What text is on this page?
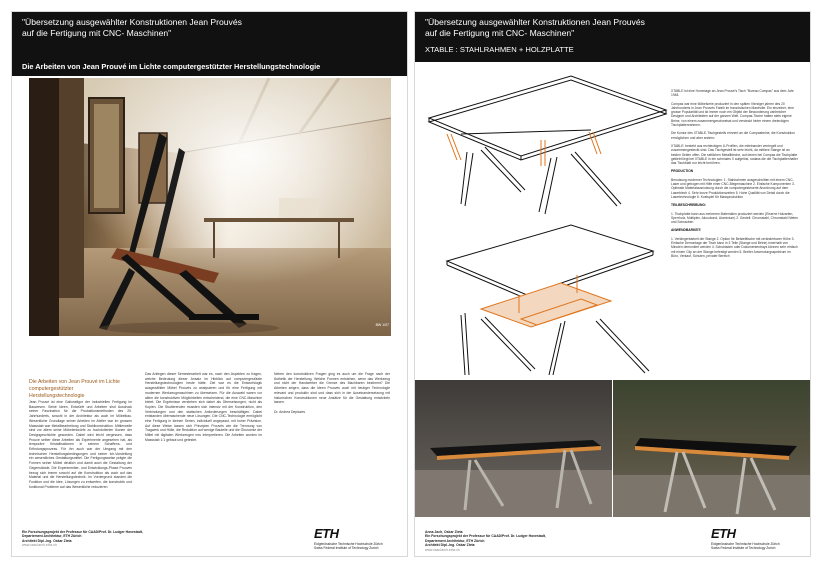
"Übersetzung ausgewählter Konstruktionen Jean Prouvés
auf die Fertigung mit CNC- Maschinen"
Die Arbeiten von Jean Prouvé im Lichte computergestützter Herstellungstechnologie
BW 1/07
Die Arbeiten von Jean Prouvé im Lichte computergestützter Herstellungstechnologie
Jean Prouvé ist eine Galionsfigur der industriellen Fertigung im Bauwesen. Seine Ideen, Entwürfe und Arbeiten sind Ausdruck seiner Faszination für die Produktionsmethoden des 20. Jahrhunderts, sowohl in der Architektur als auch im Möbelbau. Wesentliche Grundlage seiner Arbeiten im Atelier war im grossen Massstab war Metallbearbeitung und Stahlkonstruktion. Mittlerweile sind vor allem seine Möbelentwürfe zu hochdotierten Ikonen der Designgeschichte geworden. Dabei wird leicht vergessen, dass Prouvé selber diese Arbeiten als Experimente angesehen hat, als temporäre Kristallisationen in seinem Schaffens- und Erfindungsprozess. Für ihn auch war der Umgang mit den technischen Herstellungsbedingungen und seiner Ich-Vorstellung ein wesentliches Gestaltungsmittel. Die Fertigungsweise prägte die Formen seiner Möbel deutlich und damit auch die Gestaltung der Gegenstände. Die Experimentier- und Entwicklungs-Phase Prouvés bezog sich immer sowohl auf die Konstruktion als auch auf das Material und die Herstellungstechnik. Im Vordergrund standen die Funktion und die Idee, Lösungen zu entwerfen, die konstruktiv und funktional Probleme auf das Wesentliche reduzieren.
Das Anliegen dieser Semesterarbeit war es, nach den Aspekten zu fragen, welche Bedeutung dieser Ansatz im Hinblick auf computergestützte Herstellungstechnologien heute hätte. Ziel war es die Entwurfslogik ausgewählter Möbel Prouvés zu analysieren und für eine Fertigung mit modernen Werkzeugmaschinen zu übersetzen. Für die Auswahl waren vor allem die konstruktiven Möglichkeiten entscheidend, die eine CNC-Maschine bietet. Die Ergebnisse verstehen sich dabei als Übersetzungen, nicht als Kopien. Die Studierenden mussten sich intensiv mit der Konstruktion, den Verbindungen und den statischen Anforderungen beschäftigen. Dabei entstanden überraschende neue Lösungen. Die CNC-Technologie ermöglicht eine Fertigung in kleinen Serien, individuell angepasst, mit hoher Präzision. Auf diese Weise lassen sich Prinzipien Prouvés wie die Trennung von Tragwerk und Hülle, die Reduktion auf wenige Bauteile und die Ökonomie der Mittel mit digitalen Werkzeugen neu interpretieren. Die Arbeiten wurden im Massstab 1:1 gebaut und getestet.
Neben den konstruktiven Fragen ging es auch um die Frage nach der Ästhetik der Herstellung. Welche Formen entstehen, wenn das Werkzeug und nicht der Handwerker die Grenze des Machbaren bestimmt? Die Arbeiten zeigen, dass die Ideen Prouvés auch mit heutiger Technologie relevant und produktiv sind und dass sich in der Auseinandersetzung mit historischen Konstruktionen neue Ansätze für die Gestaltung entwickeln lassen.
Dr. Andrea Deplazes
Ein Forschungsprojekt der Professur für CAAD/Prof. Dr. Ludger Hovestadt,
Departement Architektur, ETH Zürich
Architekt Dipl.-Ing. Oskar Zieta
www.caad.arch.ethz.ch
ETH
Eidgenössische Technische Hochschule Zürich
Swiss Federal Institute of Technology Zurich
"Übersetzung ausgewählter Konstruktionen Jean Prouvés
auf die Fertigung mit CNC- Maschinen"
XTABLE : STAHLRAHMEN + HOLZPLATTE

XTABLE ist eine Hommage an Jean Prouvé's Tisch "Bureau Compas" aus dem Jahr 1948.

Compas war eine Möbelserie produziert in den späten Vierziger jahren des 20 Jahrhunderts in Jean Prouvés Fabrik im französischen Maxéville. Ein einzelner, eine grosse Popularität und ist immer noch ein Objekt der Bewunderung zahlreicher Designer und Architekten auf der ganzen Welt. Compas-Tische hatten stets eigene Beine, von einem zusammengeschweisst und versteckt hinter einem dreieckigen Tischplattenrahmen.

Die Kontur des XTABLE-Tischgestells erinnert an die Compasbeine, die Konstruktion ermöglichen und aber anders:

XTABLE: besteht aus rechteckigen U-Profilen, die miteinander verriegelt und zusammengesteckt sind. Das Tischgestell ist sehr leicht, da mittlere Stange ist an beiden Seiten offen. Die seitlichen Metallbleche, auf denen bei Compas die Tischplatte geklebt liegt bei XTABLE in ein schmales X aufgelöst, sodass die die Tischplattenhalter das Tischblatt nur leicht berühren.

PRODUCTION

Benutzung moderner Technologien: 1. Stahlrahmen ausgeschnitten mit einem CNC-Laser und gebogen mit Hilfe einer CNC-Biegemaschine 2. Einfache Komponenten 3. Optimale Materialausnutzung durch die computergesteuerte Anordnung auf dem Laserblech 4. Sehr kurze Produktionszeiten 5. Hohe Qualität von Detail durch die Lasertechnologie 6. Kostspiel für Massproduktion

TEILBESCHREIBUNG:

1. Tischplatte kann aus mehreren Materialien produziert werden (Eiserne Holzarten, Sperrholz, Multiplex, Alucobond, Aluminium) 2. Gestell: Chromstahl, Chromstahl Nieten und Schrauben

ANWENDBARKEIT:

1. Verlängerbarkeit der Stange 2. Option für Beistelltische mit veränderbarer Höhe 3. Einfache Demontage der Tisch kann in 3 Teile (Stange und Beine) innerhalb von Minuten demontiert werden 4. Schubladen oder Dokumententrays können sehr einfach mit einem Clip an der Stange befestigt werden 5. Breiter Anwendungsspektrum im Büro, Verkauf, Schulen, privater Bereich

Anna Jach, Oskar Zieta
Ein Forschungsprojekt der Professur für CAAD/Prof. Dr. Ludger Hovestadt,
Departement Architektur, ETH Zürich
Architekt Dipl.-Ing. Oskar Zieta
www.caad.arch.ethz.ch
ETH
Eidgenössische Technische Hochschule Zürich
Swiss Federal Institute of Technology Zurich
